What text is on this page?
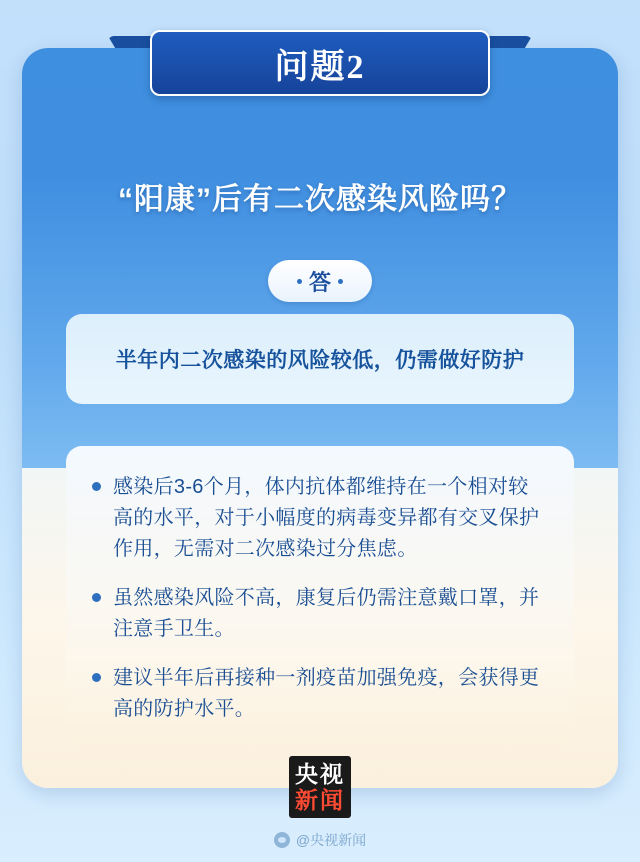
“阳康”后有二次感染风险吗？
答
半年内二次感染的风险较低，仍需做好防护
感染后3-6个月，体内抗体都维持在一个相对较高的水平，对于小幅度的病毒变异都有交叉保护作用，无需对二次感染过分焦虑。
虽然感染风险不高，康复后仍需注意戴口罩，并注意手卫生。
建议半年后再接种一剂疫苗加强免疫，会获得更高的防护水平。
问题2
央视
新闻
@央视新闻
